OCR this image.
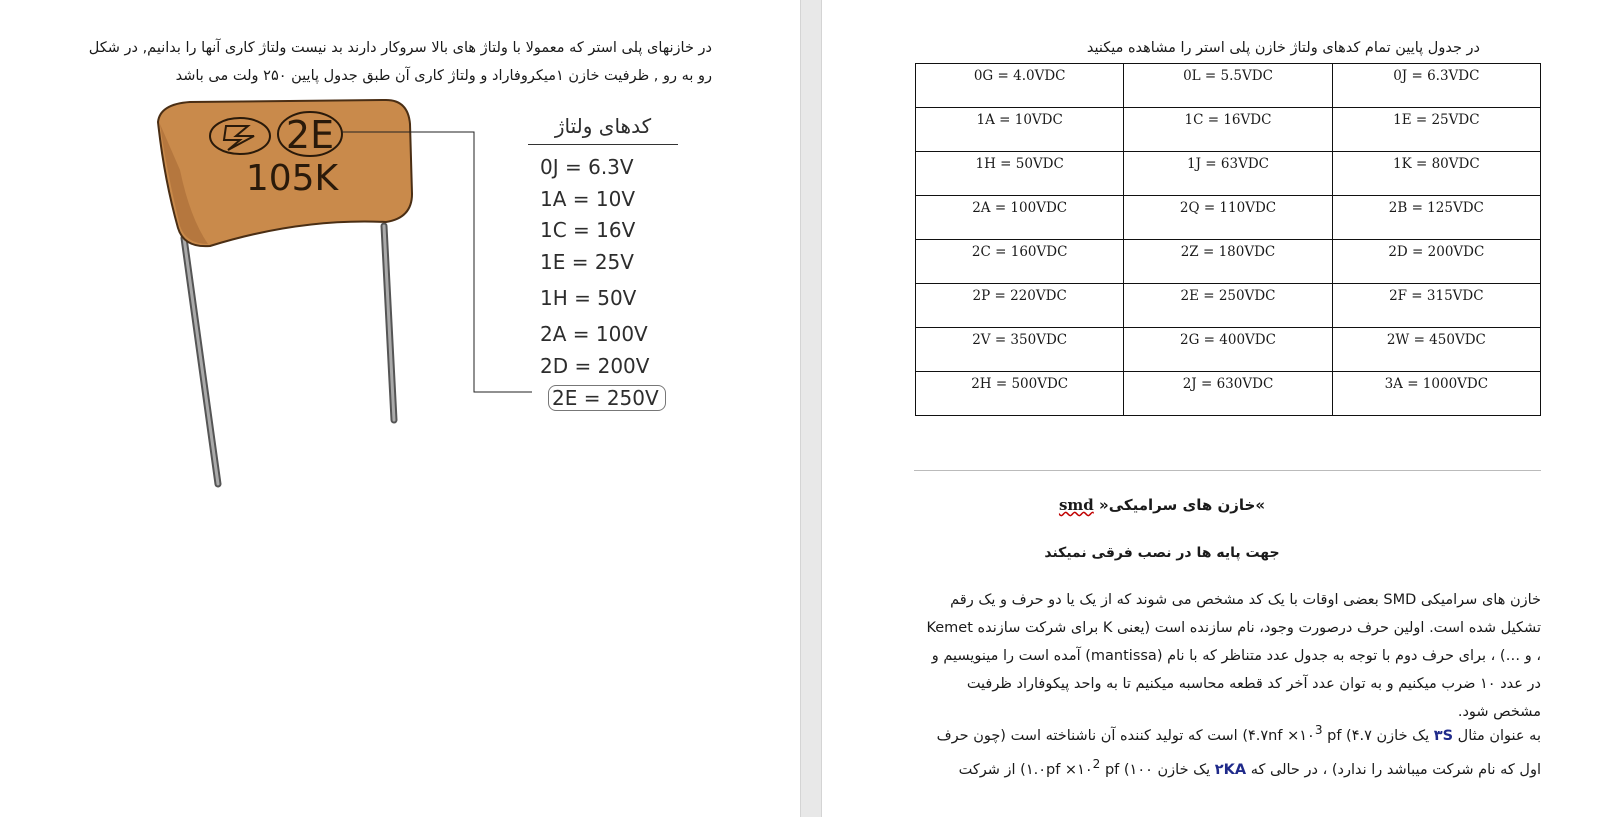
در خازنهای پلی استر که معمولا با ولتاژ های بالا سروکار دارند بد نیست ولتاژ کاری آنها را بدانیم, در شکل رو به رو , ظرفیت خازن ۱میکروفاراد و ولتاژ کاری آن طبق جدول پایین ۲۵۰ ولت می باشد
2E
105K
کدهای ولتاژ
0J = 6.3V
1A = 10V
1C = 16V
1E = 25V
1H = 50V
2A = 100V
2D = 200V
2E = 250V
در جدول پایین تمام کدهای ولتاژ خازن پلی استر را مشاهده میکنید
0G = 4.0VDC	0L = 5.5VDC	0J = 6.3VDC
1A = 10VDC	1C = 16VDC	1E = 25VDC
1H = 50VDC	1J = 63VDC	1K = 80VDC
2A = 100VDC	2Q = 110VDC	2B = 125VDC
2C = 160VDC	2Z = 180VDC	2D = 200VDC
2P = 220VDC	2E = 250VDC	2F = 315VDC
2V = 350VDC	2G = 400VDC	2W = 450VDC
2H = 500VDC	2J = 630VDC	3A = 1000VDC
»خازن های سرامیکی« smd
جهت پایه ها در نصب فرقی نمیکند
خازن های سرامیکی SMD بعضی اوقات با یک کد مشخص می شوند که از یک یا دو حرف و یک رقم تشکیل شده است. اولین حرف درصورت وجود، نام سازنده است (یعنی K برای شرکت سازنده Kemet ، و …) ، برای حرف دوم با توجه به جدول عدد متناظر که با نام (mantissa) آمده است را مینویسیم و در عدد ۱۰ ضرب میکنیم و به توان عدد آخر کد قطعه محاسبه میکنیم تا به واحد پیکوفاراد ظرفیت مشخص شود.
به عنوان مثال ۳S یک خازن ۴.۷) ۴.۷nf $\times ۱۰^3$ pf) است که تولید کننده آن ناشناخته است (چون حرف اول که نام شرکت میباشد را ندارد) ، در حالی که ۲KA یک خازن ۱۰۰) ۱.۰pf $\times ۱۰^2$ pf) از شرکت
